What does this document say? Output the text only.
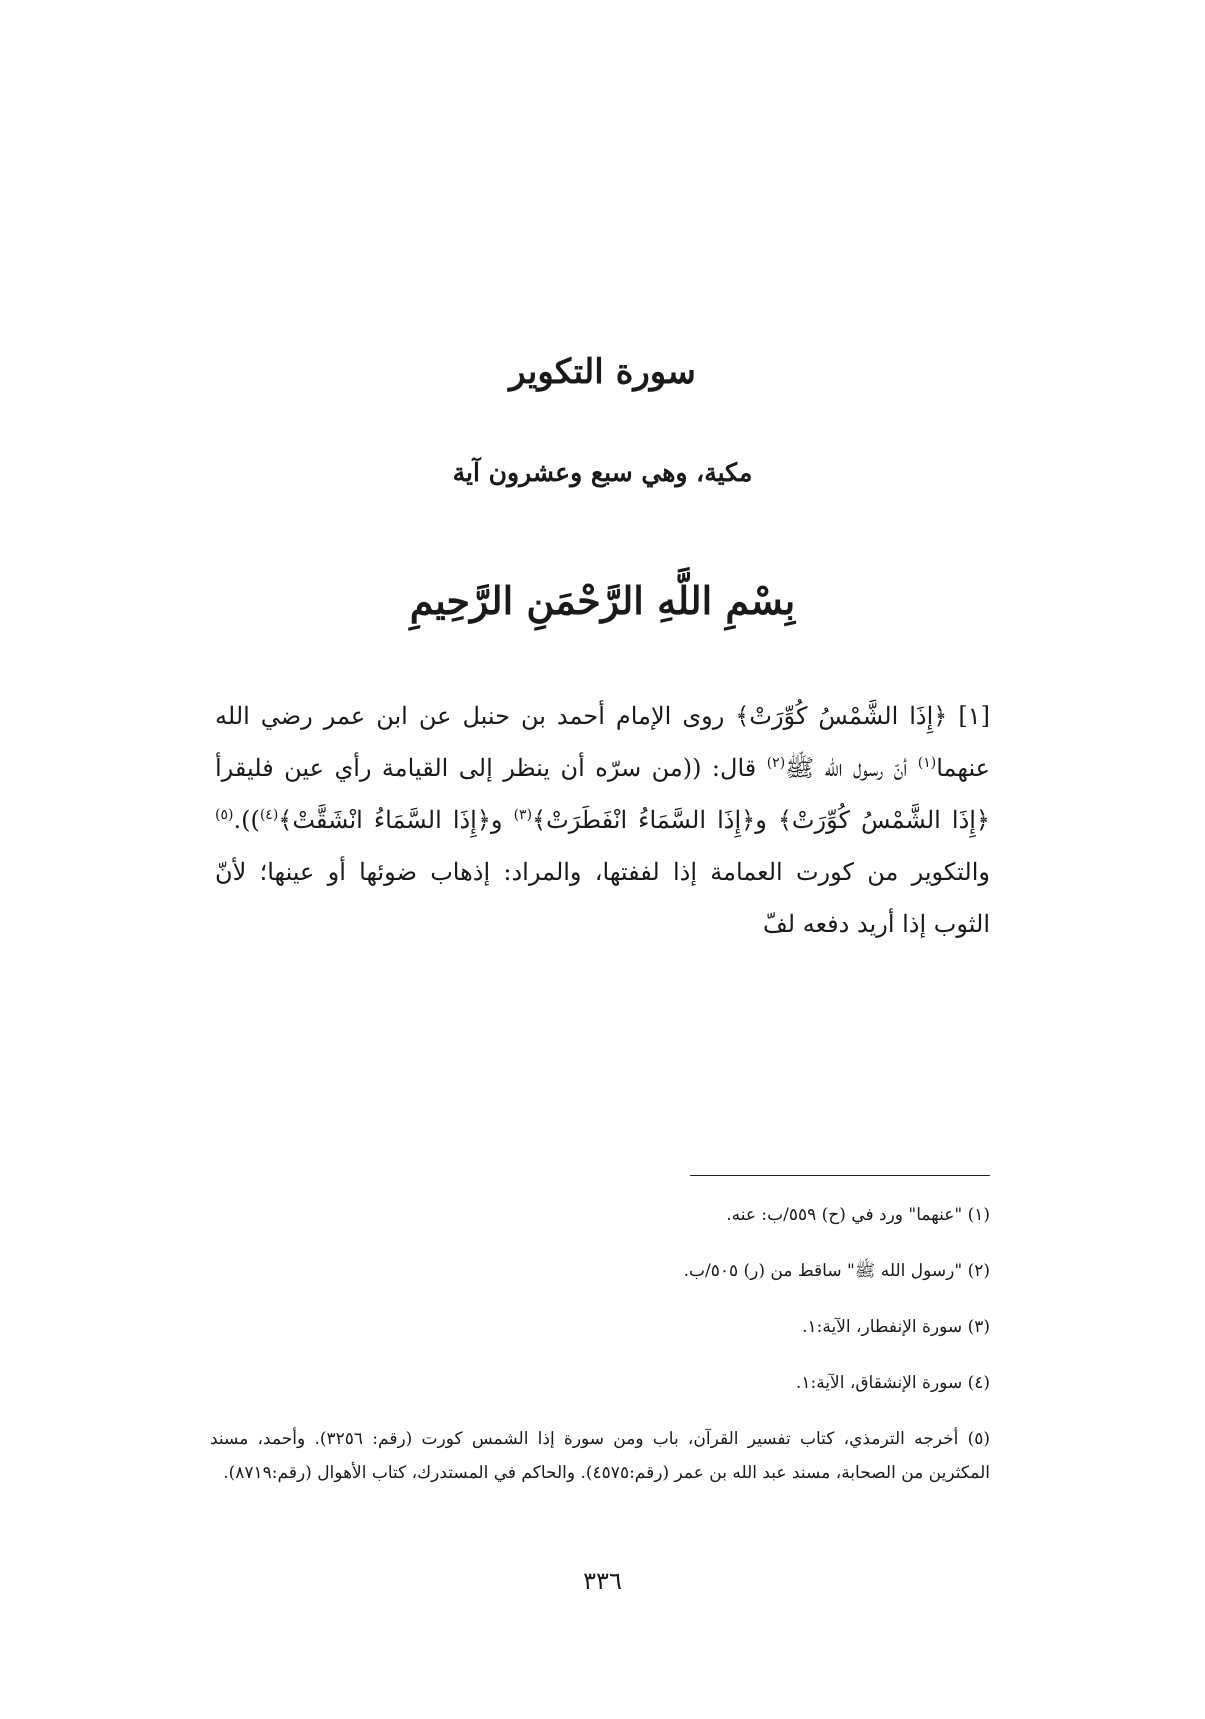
سورة التكوير
مكية، وهي سبع وعشرون آية
بِسْمِ اللَّهِ الرَّحْمَنِ الرَّحِيمِ

[١] ﴿إِذَا الشَّمْسُ كُوِّرَتْ﴾ روى الإمام أحمد بن حنبل عن ابن عمر رضي الله عنهما$^{(١)}$ أنّ رسول الله ﷺ$^{(٢)}$ قال: ((من سرّه أن ينظر إلى القيامة رأي عين فليقرأ ﴿إِذَا الشَّمْسُ كُوِّرَتْ﴾ و﴿إِذَا السَّمَاءُ انْفَطَرَتْ﴾$^{(٣)}$ و﴿إِذَا السَّمَاءُ انْشَقَّتْ﴾$^{(٤)}$)).$^{(٥)}$ والتكوير من كورت العمامة إذا لففتها، والمراد: إذهاب ضوئها أو عينها؛ لأنّ الثوب إذا أريد دفعه لفّ

(١) "عنهما" ورد في (ح) ٥٥٩/ب: عنه.

(٢) "رسول الله ﷺ" ساقط من (ر) ٥٠٥/ب.

(٣) سورة الإنفطار، الآية:١.

(٤) سورة الإنشقاق، الآية:١.

(٥) أخرجه الترمذي، كتاب تفسير القرآن، باب ومن سورة إذا الشمس كورت (رقم: ٣٢٥٦). وأحمد، مسند المكثرين من الصحابة، مسند عبد الله بن عمر (رقم:٤٥٧٥). والحاكم في المستدرك، كتاب الأهوال (رقم:٨٧١٩).

٣٣٦
